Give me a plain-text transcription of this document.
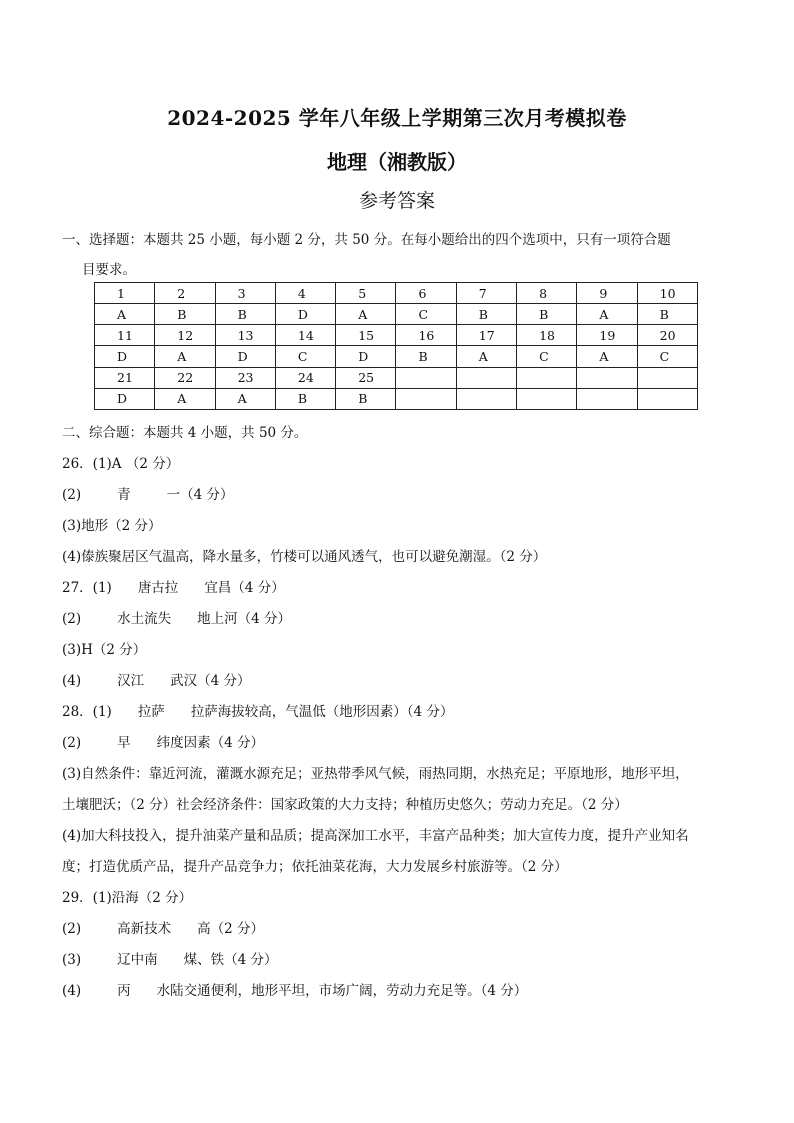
2024-2025 学年八年级上学期第三次月考模拟卷
地理（湘教版）
参考答案
一、选择题：本题共 25 小题，每小题 2 分，共 50 分。在每小题给出的四个选项中，只有一项符合题
目要求。
1	2	3	4	5	6	7	8	9	10
A	B	B	D	A	C	B	B	A	B
11	12	13	14	15	16	17	18	19	20
D	A	D	C	D	B	A	C	A	C
21	22	23	24	25					
D	A	A	B	B					
二、综合题：本题共 4 小题，共 50 分。
26．(1)A （2 分）
(2)	青	一（4 分）
(3)地形（2 分）
(4)傣族聚居区气温高，降水量多，竹楼可以通风透气，也可以避免潮湿。（2 分）
27．(1) 唐古拉 宜昌（4 分）
(2)	水土流失 地上河（4 分）
(3)H（2 分）
(4)	汉江 武汉（4 分）
28．(1) 拉萨 拉萨海拔较高，气温低（地形因素）（4 分）
(2)	早 纬度因素（4 分）
(3)自然条件：靠近河流，灌溉水源充足；亚热带季风气候，雨热同期，水热充足；平原地形，地形平坦，
土壤肥沃；（2 分）社会经济条件：国家政策的大力支持；种植历史悠久；劳动力充足。（2 分）
(4)加大科技投入，提升油菜产量和品质；提高深加工水平，丰富产品种类；加大宣传力度，提升产业知名
度；打造优质产品，提升产品竞争力；依托油菜花海，大力发展乡村旅游等。（2 分）
29．(1)沿海（2 分）
(2)	高新技术 高（2 分）
(3)	辽中南 煤、铁（4 分）
(4)	丙 水陆交通便利，地形平坦，市场广阔，劳动力充足等。（4 分）
